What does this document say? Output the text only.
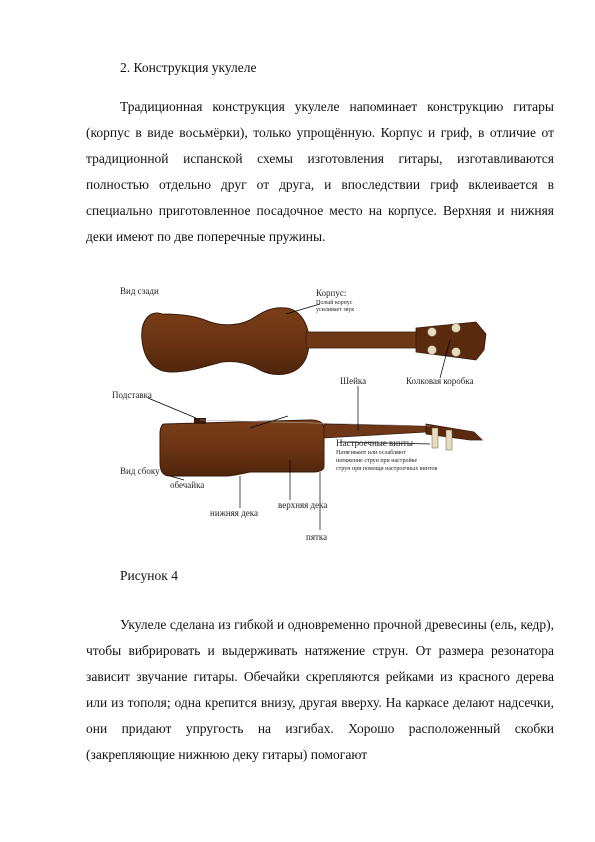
2. Конструкция укулеле

Традиционная конструкция укулеле напоминает конструкцию гитары (корпус в виде восьмёрки), только упрощённую. Корпус и гриф, в отличие от традиционной испанской схемы изготовления гитары, изготавливаются полностью отдельно друг от друга, и впоследствии гриф вклеивается в специально приготовленное посадочное место на корпусе. Верхняя и нижняя деки имеют по две поперечные пружины.

Вид сзади	Корпус:
Полый корпус
усиливает звук
Шейка	Колковая коробка
Подставка
Вид сбоку
Настроечные винты
Натягивают или ослабляют
натяжение струн при настройке
струн при помощи настроечных винтов
обечайка
нижняя дека
верхняя дека
пятка
Рисунок 4

Укулеле сделана из гибкой и одновременно прочной древесины (ель, кедр), чтобы вибрировать и выдерживать натяжение струн. От размера резонатора зависит звучание гитары. Обечайки скрепляются рейками из красного дерева или из тополя; одна крепится внизу, другая вверху. На каркасе делают надсечки, они придают упругость на изгибах. Хорошо расположенный скобки (закрепляющие нижнюю деку гитары) помогают
